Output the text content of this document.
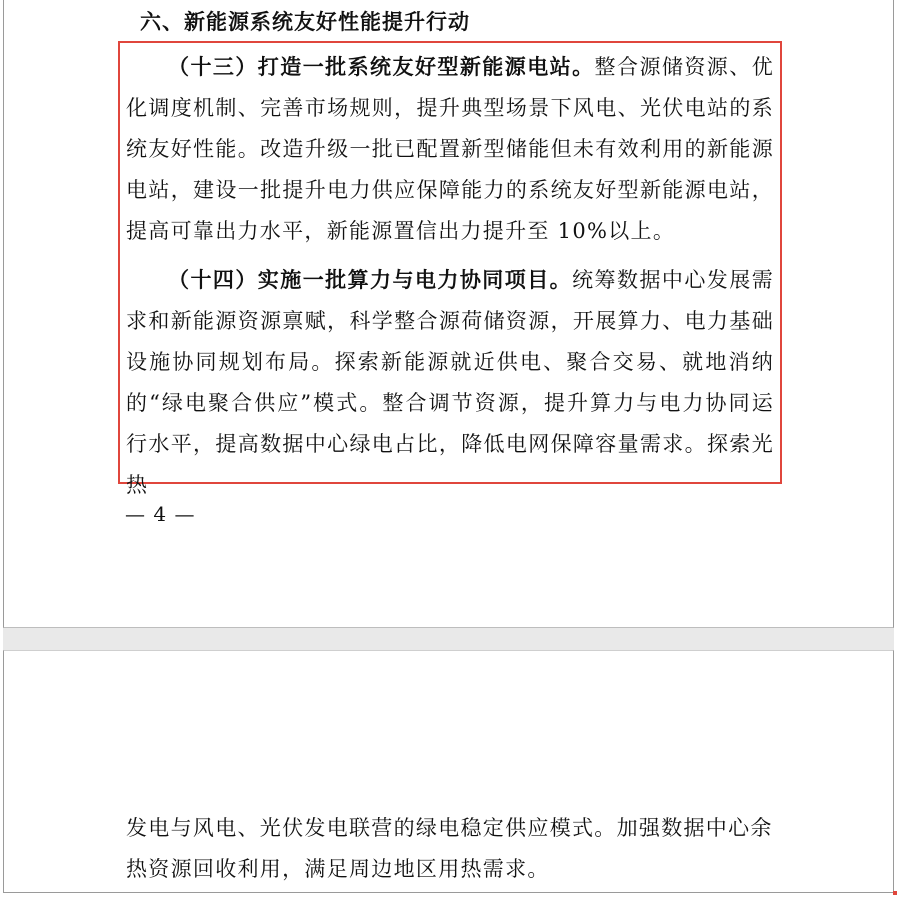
六、新能源系统友好性能提升行动
（十三）打造一批系统友好型新能源电站。整合源储资源、优化调度机制、完善市场规则，提升典型场景下风电、光伏电站的系统友好性能。改造升级一批已配置新型储能但未有效利用的新能源电站，建设一批提升电力供应保障能力的系统友好型新能源电站，提高可靠出力水平，新能源置信出力提升至 10%以上。
（十四）实施一批算力与电力协同项目。统筹数据中心发展需求和新能源资源禀赋，科学整合源荷储资源，开展算力、电力基础设施协同规划布局。探索新能源就近供电、聚合交易、就地消纳的“绿电聚合供应”模式。整合调节资源，提升算力与电力协同运行水平，提高数据中心绿电占比，降低电网保障容量需求。探索光热
— 4 —
发电与风电、光伏发电联营的绿电稳定供应模式。加强数据中心余热资源回收利用，满足周边地区用热需求。
